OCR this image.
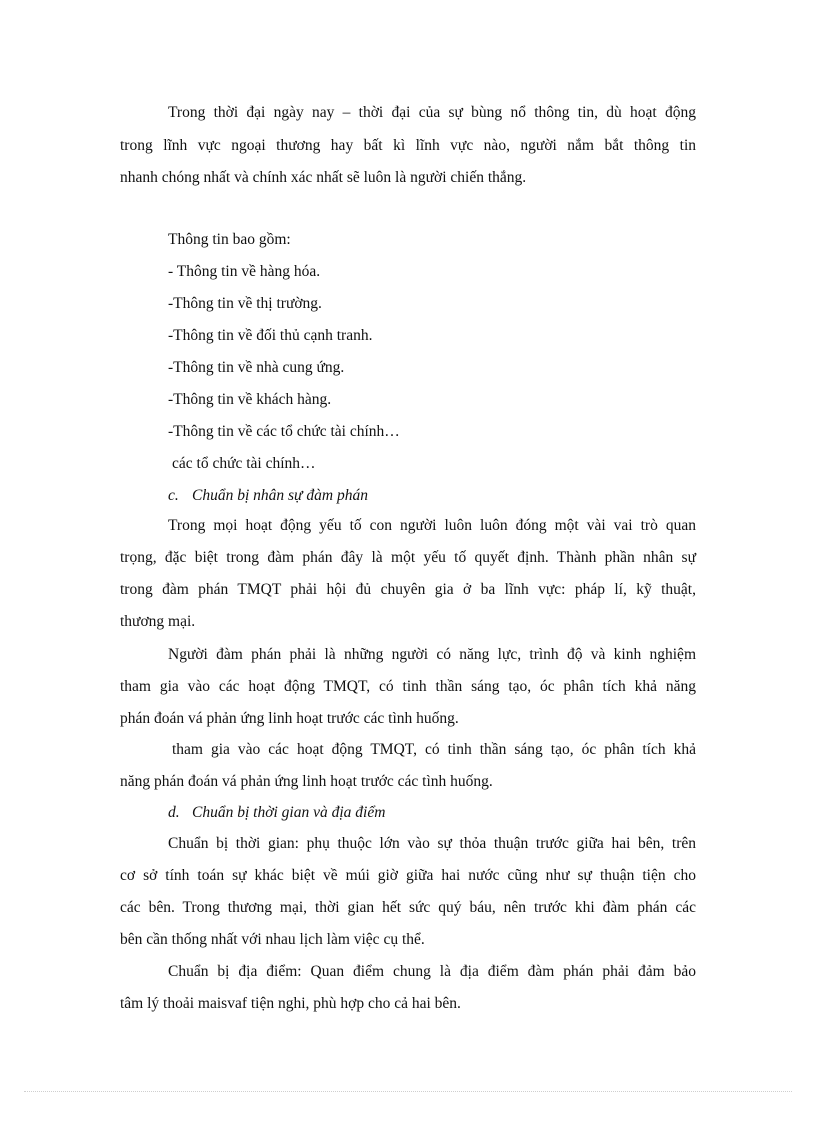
Trong thời đại ngày nay – thời đại của sự bùng nổ thông tin, dù hoạt động
trong lĩnh vực ngoại thương hay bất kì lĩnh vực nào, người nắm bắt thông tin
nhanh chóng nhất và chính xác nhất sẽ luôn là người chiến thắng.
Thông tin bao gồm:
- Thông tin về hàng hóa.
-Thông tin về thị trường.
-Thông tin về đối thủ cạnh tranh.
-Thông tin về nhà cung ứng.
-Thông tin về khách hàng.
-Thông tin về các tổ chức tài chính…
các tổ chức tài chính…
c. Chuẩn bị nhân sự đàm phán
Trong mọi hoạt động yếu tố con người luôn luôn đóng một vài vai trò quan
trọng, đặc biệt trong đàm phán đây là một yếu tố quyết định. Thành phần nhân sự
trong đàm phán TMQT phải hội đủ chuyên gia ở ba lĩnh vực: pháp lí, kỹ thuật,
thương mại.
Người đàm phán phải là những người có năng lực, trình độ và kinh nghiệm
tham gia vào các hoạt động TMQT, có tinh thần sáng tạo, óc phân tích khả năng
phán đoán vá phản ứng linh hoạt trước các tình huống.
tham gia vào các hoạt động TMQT, có tinh thần sáng tạo, óc phân tích khả
năng phán đoán vá phản ứng linh hoạt trước các tình huống.
d. Chuẩn bị thời gian và địa điểm
Chuẩn bị thời gian: phụ thuộc lớn vào sự thỏa thuận trước giữa hai bên, trên
cơ sở tính toán sự khác biệt về múi giờ giữa hai nước cũng như sự thuận tiện cho
các bên. Trong thương mại, thời gian hết sức quý báu, nên trước khi đàm phán các
bên cần thống nhất với nhau lịch làm việc cụ thể.
Chuẩn bị địa điểm: Quan điểm chung là địa điểm đàm phán phải đảm bảo
tâm lý thoải maisvaf tiện nghi, phù hợp cho cả hai bên.
